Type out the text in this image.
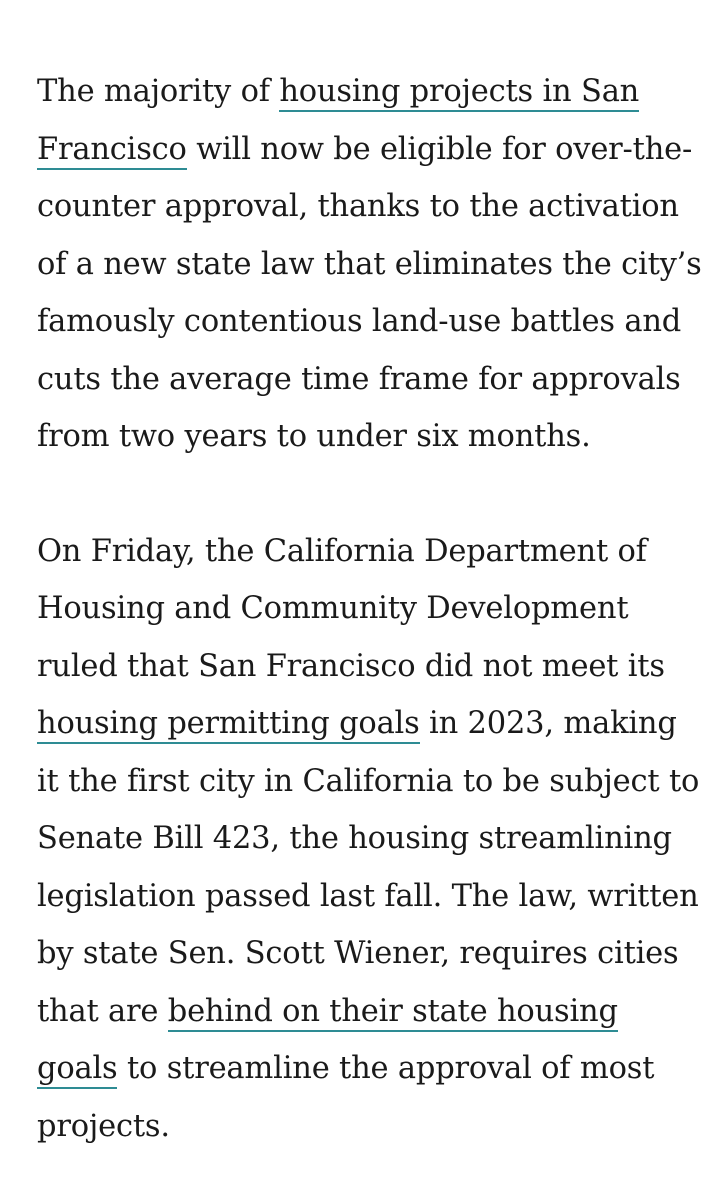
The majority of housing projects in San Francisco will now be eligible for over-the-counter approval, thanks to the activation of a new state law that eliminates the city’s famously contentious land-use battles and cuts the average time frame for approvals from two years to under six months.

On Friday, the California Department of Housing and Community Development ruled that San Francisco did not meet its housing permitting goals in 2023, making it the first city in California to be subject to Senate Bill 423, the housing streamlining legislation passed last fall. The law, written by state Sen. Scott Wiener, requires cities that are behind on their state housing goals to streamline the approval of most projects.
